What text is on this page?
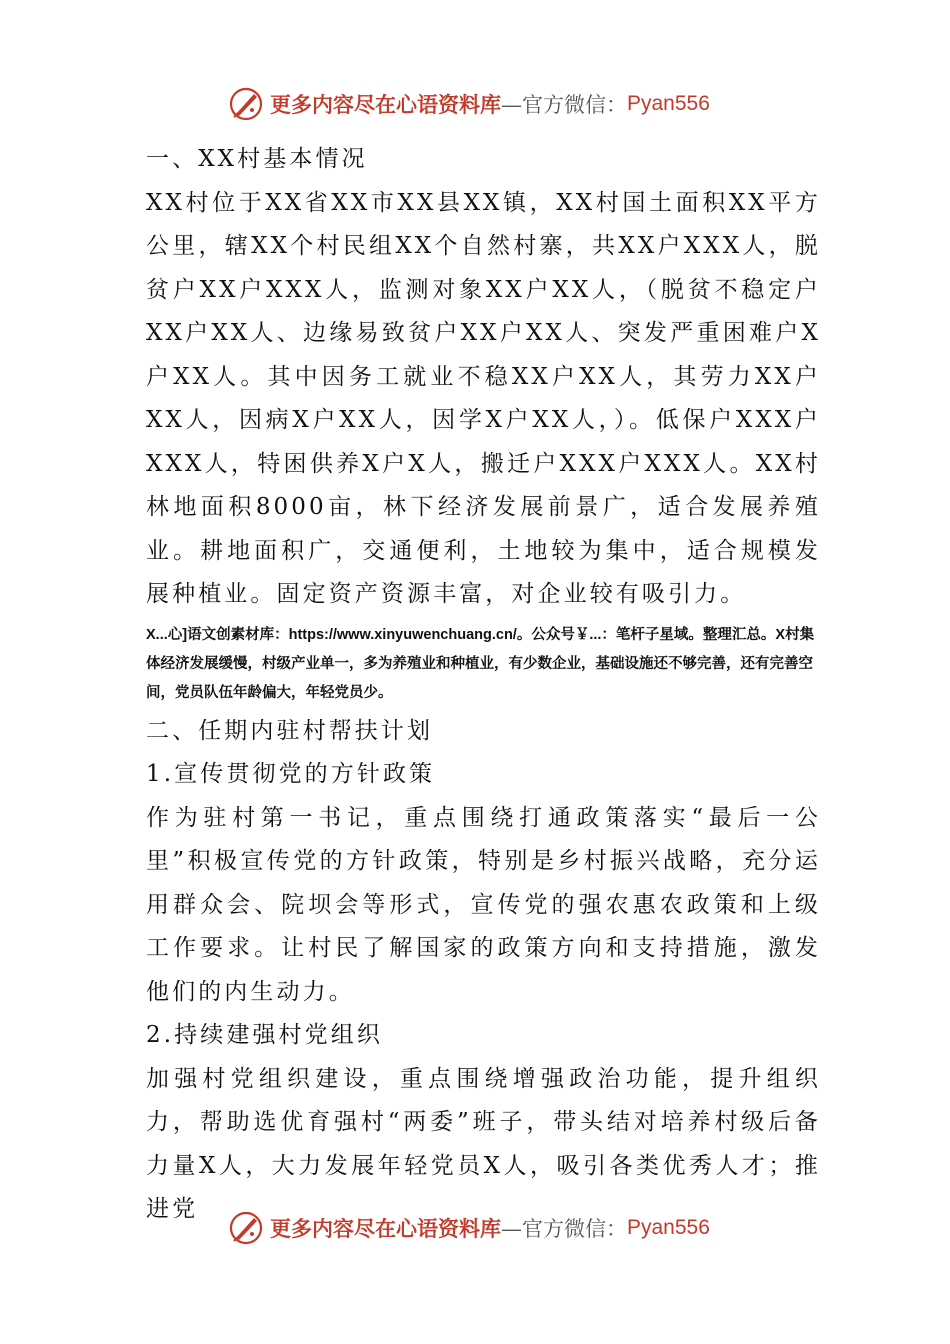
更多内容尽在心语资料库 —官方微信： Pyan556

一、XX村基本情况

XX村位于XX省XX市XX县XX镇，XX村国土面积XX平方公里，辖XX个村民组XX个自然村寨，共XX户XXX人，脱贫户XX户XXX人，监测对象XX户XX人，（脱贫不稳定户XX户XX人、边缘易致贫户XX户XX人、突发严重困难户X户XX人。其中因务工就业不稳XX户XX人，其劳力XX户XX人，因病X户XX人，因学X户XX人，）。低保户XXX户XXX人，特困供养X户X人，搬迁户XXX户XXX人。XX村林地面积8000亩，林下经济发展前景广，适合发展养殖业。耕地面积广，交通便利，土地较为集中，适合规模发展种植业。固定资产资源丰富，对企业较有吸引力。

X...心]语文创素材库：https://www.xinyuwenchuang.cn/。公众号￥...：笔杆子星域。整理汇总。X村集体经济发展缓慢，村级产业单一，多为养殖业和种植业，有少数企业，基础设施还不够完善，还有完善空间，党员队伍年龄偏大，年轻党员少。

二、任期内驻村帮扶计划

1.宣传贯彻党的方针政策

作为驻村第一书记，重点围绕打通政策落实“最后一公里”积极宣传党的方针政策，特别是乡村振兴战略，充分运用群众会、院坝会等形式，宣传党的强农惠农政策和上级工作要求。让村民了解国家的政策方向和支持措施，激发他们的内生动力。

2.持续建强村党组织

加强村党组织建设，重点围绕增强政治功能，提升组织力，帮助选优育强村“两委”班子，带头结对培养村级后备力量X人，大力发展年轻党员X人，吸引各类优秀人才；推进党

更多内容尽在心语资料库 —官方微信： Pyan556
